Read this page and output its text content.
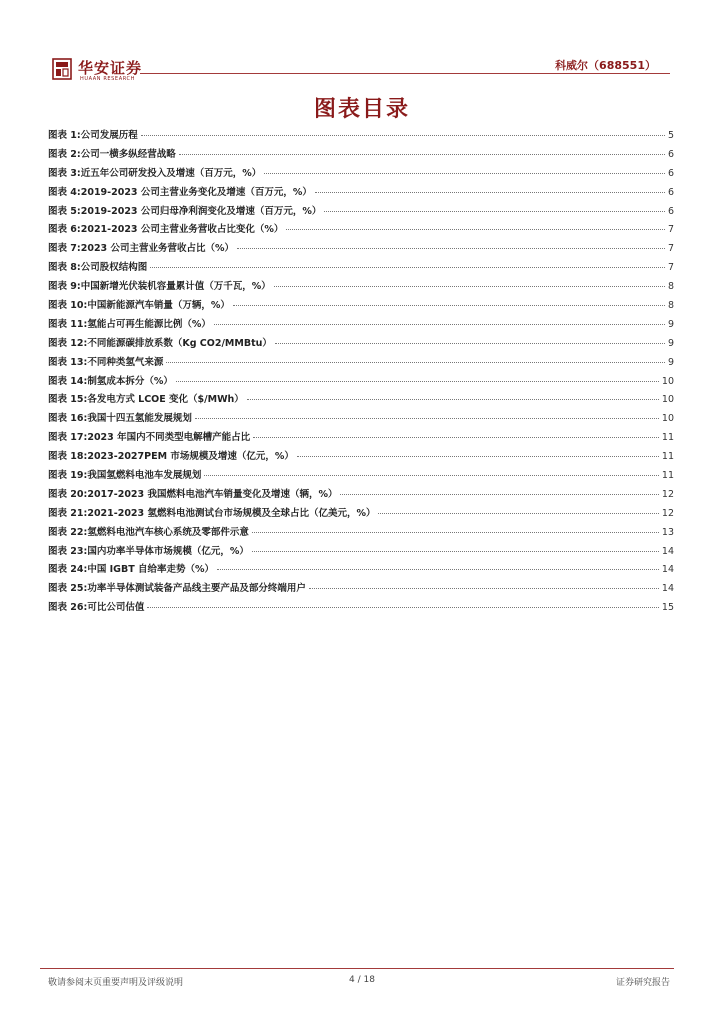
华安证券
HUAAN RESEARCH
科威尔（688551）
图表目录
图表 1: 公司发展历程	5
图表 2: 公司一横多纵经营战略	6
图表 3: 近五年公司研发投入及增速（百万元，%）	6
图表 4: 2019-2023 公司主营业务变化及增速（百万元，%）	6
图表 5: 2019-2023 公司归母净利润变化及增速（百万元，%）	6
图表 6: 2021-2023 公司主营业务营收占比变化（%）	7
图表 7: 2023 公司主营业务营收占比（%）	7
图表 8: 公司股权结构图	7
图表 9: 中国新增光伏装机容量累计值（万千瓦，%）	8
图表 10: 中国新能源汽车销量（万辆，%）	8
图表 11: 氢能占可再生能源比例（%）	9
图表 12: 不同能源碳排放系数（Kg CO2/MMBtu）	9
图表 13: 不同种类氢气来源	9
图表 14: 制氢成本拆分（%）	10
图表 15: 各发电方式 LCOE 变化（$/MWh）	10
图表 16: 我国十四五氢能发展规划	10
图表 17: 2023 年国内不同类型电解槽产能占比	11
图表 18: 2023-2027PEM 市场规模及增速（亿元，%）	11
图表 19: 我国氢燃料电池车发展规划	11
图表 20: 2017-2023 我国燃料电池汽车销量变化及增速（辆，%）	12
图表 21: 2021-2023 氢燃料电池测试台市场规模及全球占比（亿美元，%）	12
图表 22: 氢燃料电池汽车核心系统及零部件示意	13
图表 23: 国内功率半导体市场规模（亿元，%）	14
图表 24: 中国 IGBT 自给率走势（%）	14
图表 25: 功率半导体测试装备产品线主要产品及部分终端用户	14
图表 26: 可比公司估值	15
敬请参阅末页重要声明及评级说明	4 / 18	证券研究报告
